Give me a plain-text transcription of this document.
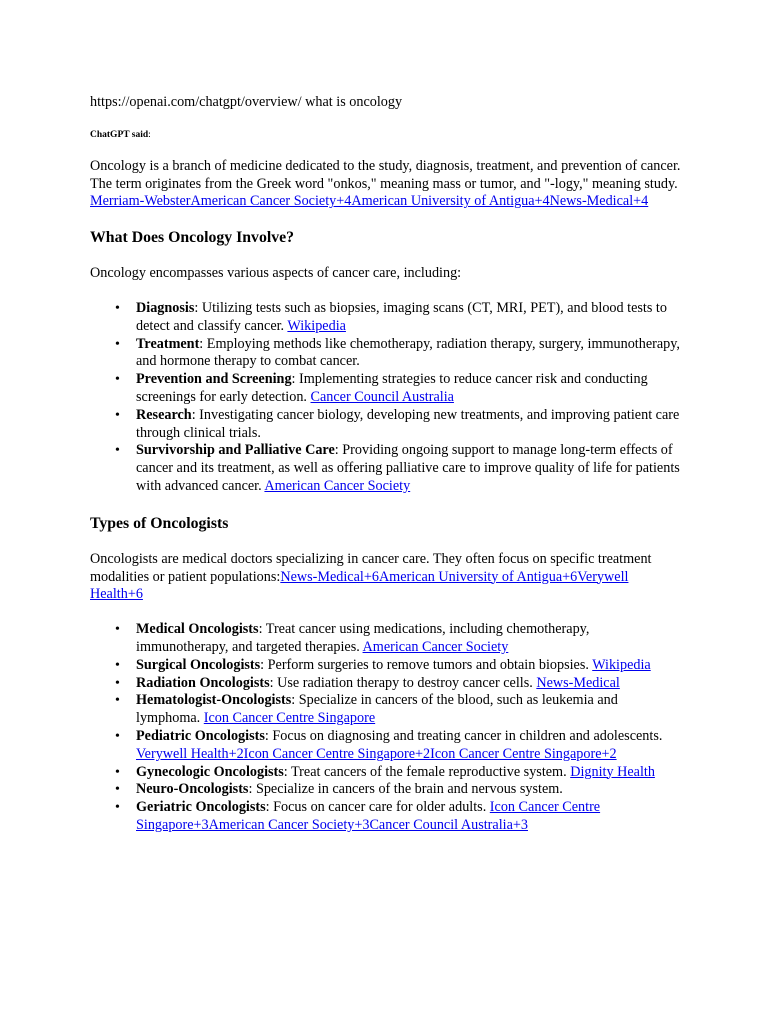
https://openai.com/chatgpt/overview/ what is oncology

ChatGPT said:

Oncology is a branch of medicine dedicated to the study, diagnosis, treatment, and prevention of cancer. The term originates from the Greek word "onkos," meaning mass or tumor, and "-logy," meaning study. Merriam-WebsterAmerican Cancer Society+4American University of Antigua+4News-Medical+4

What Does Oncology Involve?

Oncology encompasses various aspects of cancer care, including:

• Diagnosis: Utilizing tests such as biopsies, imaging scans (CT, MRI, PET), and blood tests to detect and classify cancer. Wikipedia
• Treatment: Employing methods like chemotherapy, radiation therapy, surgery, immunotherapy, and hormone therapy to combat cancer.
• Prevention and Screening: Implementing strategies to reduce cancer risk and conducting screenings for early detection. Cancer Council Australia
• Research: Investigating cancer biology, developing new treatments, and improving patient care through clinical trials.
• Survivorship and Palliative Care: Providing ongoing support to manage long-term effects of cancer and its treatment, as well as offering palliative care to improve quality of life for patients with advanced cancer. American Cancer Society
Types of Oncologists

Oncologists are medical doctors specializing in cancer care. They often focus on specific treatment modalities or patient populations:News-Medical+6American University of Antigua+6Verywell Health+6

• Medical Oncologists: Treat cancer using medications, including chemotherapy, immunotherapy, and targeted therapies. American Cancer Society
• Surgical Oncologists: Perform surgeries to remove tumors and obtain biopsies. Wikipedia
• Radiation Oncologists: Use radiation therapy to destroy cancer cells. News-Medical
• Hematologist-Oncologists: Specialize in cancers of the blood, such as leukemia and lymphoma. Icon Cancer Centre Singapore
• Pediatric Oncologists: Focus on diagnosing and treating cancer in children and adolescents. Verywell Health+2Icon Cancer Centre Singapore+2Icon Cancer Centre Singapore+2
• Gynecologic Oncologists: Treat cancers of the female reproductive system. Dignity Health
• Neuro-Oncologists: Specialize in cancers of the brain and nervous system.
• Geriatric Oncologists: Focus on cancer care for older adults. Icon Cancer Centre Singapore+3American Cancer Society+3Cancer Council Australia+3
